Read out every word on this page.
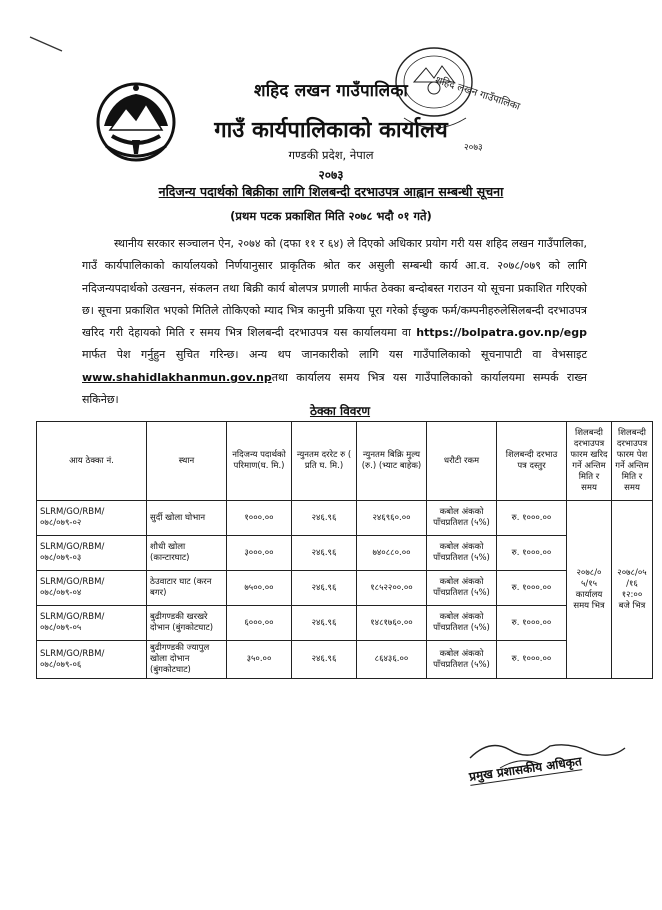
शहिद लखन गाउँपालिका
२०७३
शहिद लखन गाउँपालिका
गाउँ कार्यपालिकाको कार्यालय
गण्डकी प्रदेश, नेपाल
२०७३
नदिजन्य पदार्थको बिक्रीका लागि शिलबन्दी दरभाउपत्र आह्वान सम्बन्धी सूचना
(प्रथम पटक प्रकाशित मिति २०७८ भदौ ०१ गते)
स्थानीय सरकार सञ्चालन ऐन, २०७४ को (दफा ११ र ६४) ले दिएको अधिकार प्रयोग गरी यस शहिद लखन गाउँपालिका, गाउँ कार्यपालिकाको कार्यालयको निर्णयानुसार प्राकृतिक श्रोत कर असुली सम्बन्धी कार्य आ.व. २०७८/०७९ को लागि नदिजन्यपदार्थको उत्खनन, संकलन तथा बिक्री कार्य बोलपत्र प्रणाली मार्फत ठेक्का बन्दोबस्त गराउन यो सूचना प्रकाशित गरिएको छ। सूचना प्रकाशित भएको मितिले तोकिएको म्याद भित्र कानुनी प्रकिया पूरा गरेको ईच्छुक फर्म/कम्पनीहरुलेसिलबन्दी दरभाउपत्र खरिद गरी देहायको मिति र समय भित्र शिलबन्दी दरभाउपत्र यस कार्यालयमा वा https://bolpatra.gov.np/egp मार्फत पेश गर्नुहुन सुचित गरिन्छ। अन्य थप जानकारीको लागि यस गाउँपालिकाको सूचनापाटी वा वेभसाइट www.shahidlakhanmun.gov.npतथा कार्यालय समय भित्र यस गाउँपालिकाको कार्यालयमा सम्पर्क राख्न सकिनेछ।
ठेक्का विवरण
आय ठेक्का नं.	स्थान	नदिजन्य पदार्थको परिमाण(घ. मि.)	न्युनतम दररेट रु ( प्रति घ. मि.)	न्युनतम बिक्रि मुल्य (रु.) (भ्याट बाहेक)	धरौटी रकम	शिलबन्दी दरभाउ पत्र दस्तुर	शिलबन्दी दरभाउपत्र फारम खरिद गर्ने अन्तिम मिति र समय	शिलबन्दी दरभाउपत्र फारम पेश गर्ने अन्तिम मिति र समय
SLRM/GO/RBM/०७८/०७९-०२	सुर्दी खोला घोभान	१०००.००	२४६.९६	२४६९६०.००	कबोल अंकको पाँचप्रतिशत (५%)	रु. १०००.००	२०७८/० ५/१५ कार्यालय समय भित्र	२०७८/०५ /१६ १२:०० बजे भित्र
SLRM/GO/RBM/०७८/०७९-०३	शौधी खोला (कान्टारघाट)	३०००.००	२४६.९६	७४०८८०.००	कबोल अंकको पाँचप्रतिशत (५%)	रु. १०००.००		
SLRM/GO/RBM/०७८/०७९-०४	ठेउवाटार घाट (करन बगर)	७५००.००	२४६.९६	१८५२२००.००	कबोल अंकको पाँचप्रतिशत (५%)	रु. १०००.००		
SLRM/GO/RBM/०७८/०७९-०५	बुढीगण्डकी खरखरे दोभान (बुंगकोटघाट)	६०००.००	२४६.९६	१४८१७६०.००	कबोल अंकको पाँचप्रतिशत (५%)	रु. १०००.००		
SLRM/GO/RBM/०७८/०७९-०६	बुढीगण्डकी ज्यापुल खोला दोभान (बुंगकोटघाट)	३५०.००	२४६.९६	८६४३६.००	कबोल अंकको पाँचप्रतिशत (५%)	रु. १०००.००		
प्रमुख प्रशासकीय अधिकृत
